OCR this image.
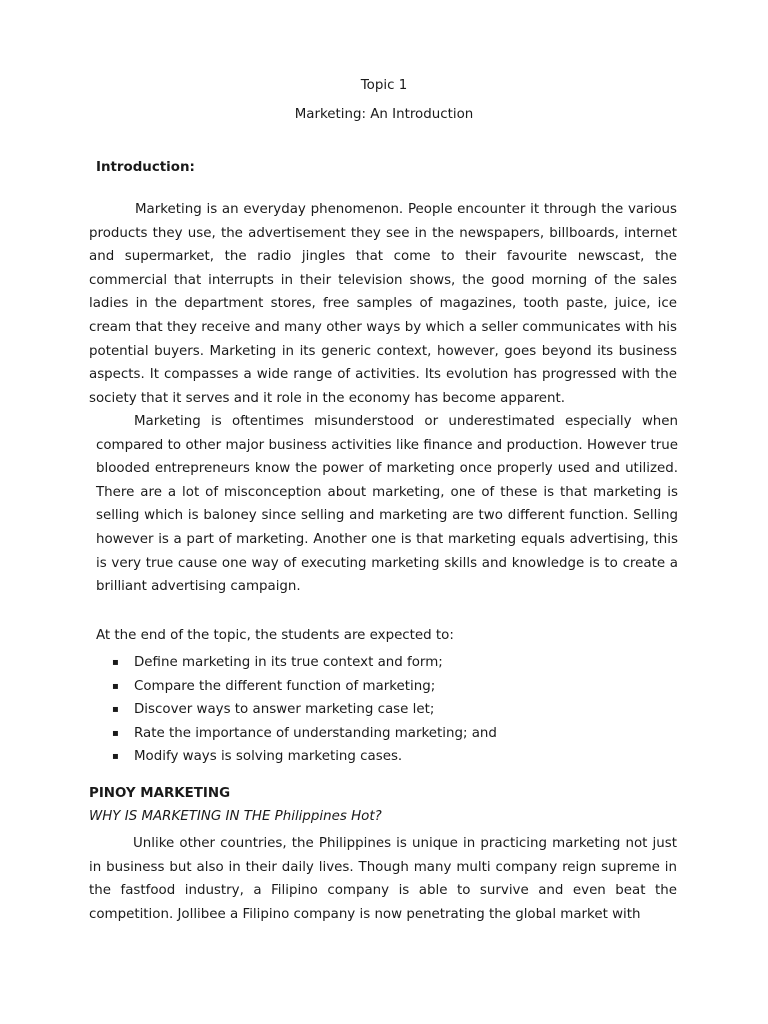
Topic 1
Marketing: An Introduction
Introduction:

Marketing is an everyday phenomenon. People encounter it through the various products they use, the advertisement they see in the newspapers, billboards, internet and supermarket, the radio jingles that come to their favourite newscast, the commercial that interrupts in their television shows, the good morning of the sales ladies in the department stores, free samples of magazines, tooth paste, juice, ice cream that they receive and many other ways by which a seller communicates with his potential buyers. Marketing in its generic context, however, goes beyond its business aspects. It compasses a wide range of activities. Its evolution has progressed with the society that it serves and it role in the economy has become apparent.

Marketing is oftentimes misunderstood or underestimated especially when compared to other major business activities like finance and production. However true blooded entrepreneurs know the power of marketing once properly used and utilized. There are a lot of misconception about marketing, one of these is that marketing is selling which is baloney since selling and marketing are two different function. Selling however is a part of marketing. Another one is that marketing equals advertising, this is very true cause one way of executing marketing skills and knowledge is to create a brilliant advertising campaign.

At the end of the topic, the students are expected to:
▪ Define marketing in its true context and form;
▪ Compare the different function of marketing;
▪ Discover ways to answer marketing case let;
▪ Rate the importance of understanding marketing; and
▪ Modify ways is solving marketing cases.
PINOY MARKETING
WHY IS MARKETING IN THE Philippines Hot?

Unlike other countries, the Philippines is unique in practicing marketing not just in business but also in their daily lives. Though many multi company reign supreme in the fastfood industry, a Filipino company is able to survive and even beat the competition. Jollibee a Filipino company is now penetrating the global market with
